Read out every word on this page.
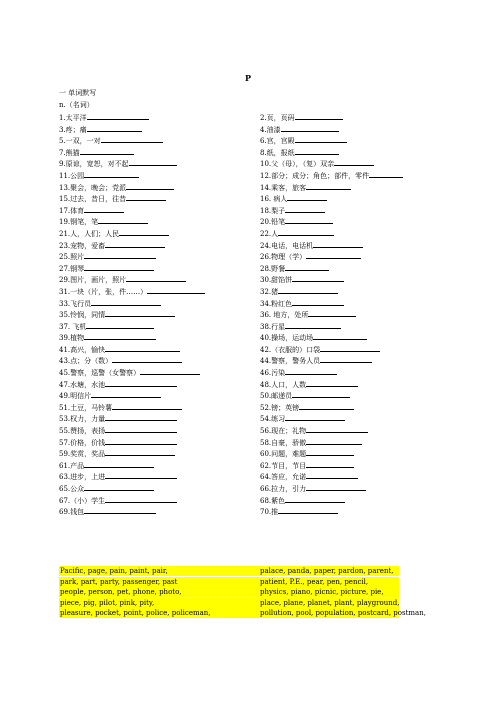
P
一 单词默写
n.（名词）
1.太平洋	2.页，页码
3.疼；痛	4.油漆
5.一双，一对	6.宫，宫殿
7.熊猫	8.纸，报纸
9.原谅，宽恕，对不起	10.父（母），（复）双亲
11.公园	12.部分；成分；角色；部件，零件
13.聚会，晚会；党派	14.乘客，旅客
15.过去，昔日，往昔	16. 病人
17.体育	18.梨子
19.钢笔，笔	20.铅笔
21.人，人们；人民	22.人
23.宠物，爱畜	24.电话，电话机
25.照片	26.物理（学）
27.钢琴	28.野餐
29.图片，画片，照片	30.甜馅饼
31.一块（片，张，件……）	32.猪
33.飞行员	34.粉红色
35.怜悯，同情	36. 地方，处所
37. 飞机	38.行星
39.植物	40.操场，运动场
41.高兴，愉快	42.（衣服的）口袋
43.点；分（数）	44.警察，警务人员
45.警察，巡警（女警察）	46.污染
47.水塘，水池	48.人口，人数
49.明信片	50.邮递员
51.土豆，马铃薯	52.镑；英镑
53.权力，力量	54.练习
55.赞扬，表扬	56.现在；礼物
57.价格，价钱	58.自豪，骄傲
59.奖赏，奖品	60.问题，难题
61.产品	62.节目，节目
63.进步，上进	64.答应，允诺
65.公众	66.拉力，引力
67.（小）学生	68.紫色
69.钱包	70.推
Pacific, page, pain, paint, pair,	palace, panda, paper, pardon, parent,
park, part, party, passenger, past	patient, P.E., pear, pen, pencil,
people, person, pet, phone, photo,	physics, piano, picnic, picture, pie,
piece, pig, pilot, pink, pity,	place, plane, planet, plant, playground,
pleasure, pocket, point, police, policeman,	pollution, pool, population, postcard, postman,
